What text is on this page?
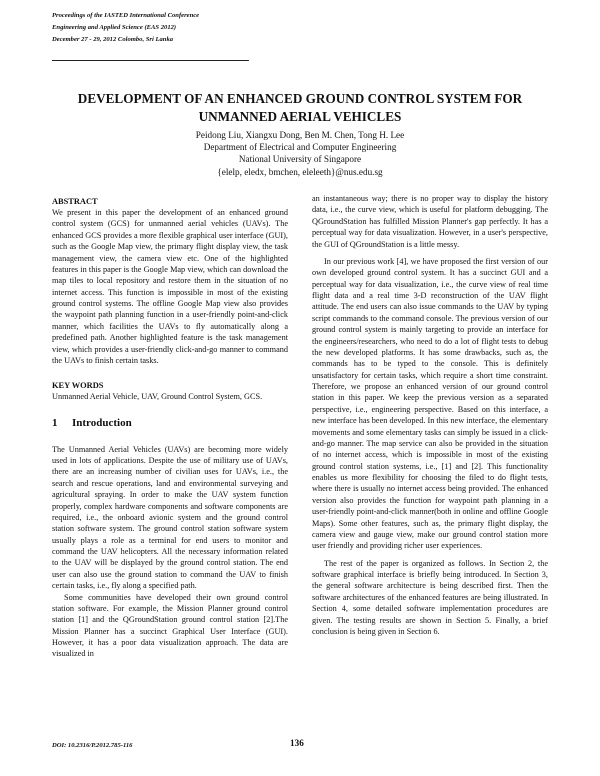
Proceedings of the IASTED International Conference
Engineering and Applied Science (EAS 2012)
December 27 - 29, 2012 Colombo, Sri Lanka
DEVELOPMENT OF AN ENHANCED GROUND CONTROL SYSTEM FOR
UNMANNED AERIAL VEHICLES
Peidong Liu, Xiangxu Dong, Ben M. Chen, Tong H. Lee
Department of Electrical and Computer Engineering
National University of Singapore
{elelp, eledx, bmchen, eleleeth}@nus.edu.sg

ABSTRACT

We present in this paper the development of an enhanced ground control system (GCS) for unmanned aerial vehicles (UAVs). The enhanced GCS provides a more flexible graphical user interface (GUI), such as the Google Map view, the primary flight display view, the task management view, the camera view etc. One of the highlighted features in this paper is the Google Map view, which can download the map tiles to local repository and restore them in the situation of no internet access. This function is impossible in most of the existing ground control systems. The offline Google Map view also provides the waypoint path planning function in a user-friendly point-and-click manner, which facilities the UAVs to fly automatically along a predefined path. Another highlighted feature is the task management view, which provides a user-friendly click-and-go manner to command the UAVs to finish certain tasks.

KEY WORDS

Unmanned Aerial Vehicle, UAV, Ground Control System, GCS.

1 Introduction

The Unmanned Aerial Vehicles (UAVs) are becoming more widely used in lots of applications. Despite the use of military use of UAVs, there are an increasing number of civilian uses for UAVs, i.e., the search and rescue operations, land and environmental surveying and agricultural spraying. In order to make the UAV system function properly, complex hardware components and software components are required, i.e., the onboard avionic system and the ground control station software system. The ground control station software system usually plays a role as a terminal for end users to monitor and command the UAV helicopters. All the necessary information related to the UAV will be displayed by the ground control station. The end user can also use the ground station to command the UAV to finish certain tasks, i.e., fly along a specified path.

Some communities have developed their own ground control station software. For example, the Mission Planner ground control station [1] and the QGroundStation ground control station [2].The Mission Planner has a succinct Graphical User Interface (GUI). However, it has a poor data visualization approach. The data are visualized in

an instantaneous way; there is no proper way to display the history data, i.e., the curve view, which is useful for platform debugging. The QGroundStation has fulfilled Mission Planner's gap perfectly. It has a perceptual way for data visualization. However, in a user's perspective, the GUI of QGroundStation is a little messy.

In our previous work [4], we have proposed the first version of our own developed ground control system. It has a succinct GUI and a perceptual way for data visualization, i.e., the curve view of real time flight data and a real time 3-D reconstruction of the UAV flight attitude. The end users can also issue commands to the UAV by typing script commands to the command console. The previous version of our ground control system is mainly targeting to provide an interface for the engineers/researchers, who need to do a lot of flight tests to debug the new developed platforms. It has some drawbacks, such as, the commands has to be typed to the console. This is definitely unsatisfactory for certain tasks, which require a short time constraint. Therefore, we propose an enhanced version of our ground control station in this paper. We keep the previous version as a separated perspective, i.e., engineering perspective. Based on this interface, a new interface has been developed. In this new interface, the elementary movements and some elementary tasks can simply be issued in a click-and-go manner. The map service can also be provided in the situation of no internet access, which is impossible in most of the existing ground control station systems, i.e., [1] and [2]. This functionality enables us more flexibility for choosing the filed to do flight tests, where there is usually no internet access being provided. The enhanced version also provides the function for waypoint path planning in a user-friendly point-and-click manner(both in online and offline Google Maps). Some other features, such as, the primary flight display, the camera view and gauge view, make our ground control station more user friendly and providing richer user experiences.

The rest of the paper is organized as follows. In Section 2, the software graphical interface is briefly being introduced. In Section 3, the general software architecture is being described first. Then the software architectures of the enhanced features are being illustrated. In Section 4, some detailed software implementation procedures are given. The testing results are shown in Section 5. Finally, a brief conclusion is being given in Section 6.

DOI: 10.2316/P.2012.785-116	136
